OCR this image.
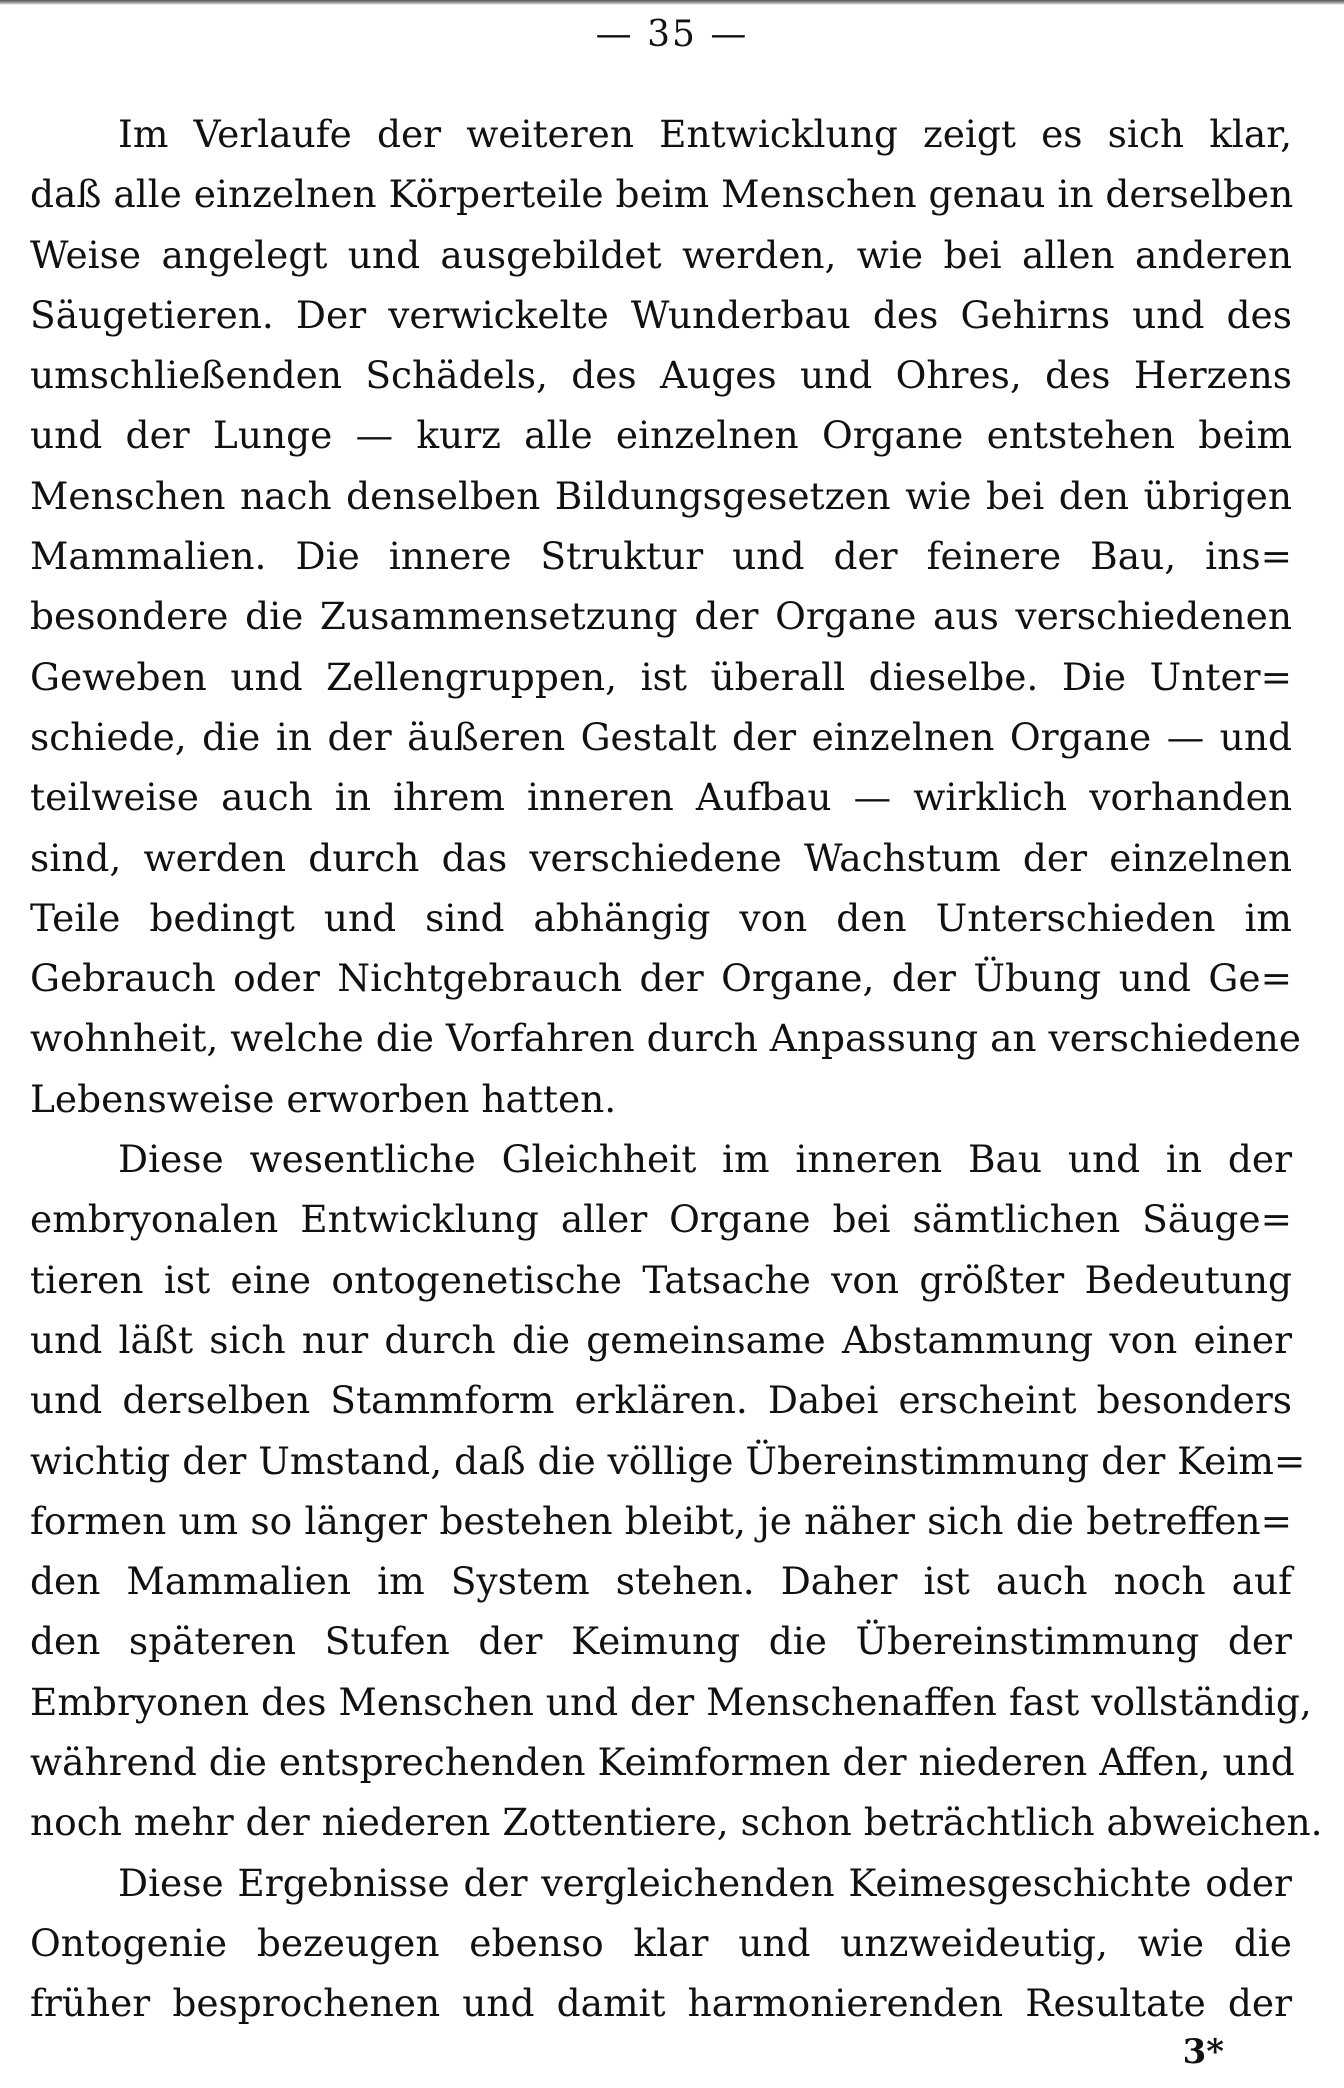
— 35 —

Im Verlaufe der weiteren Entwicklung zeigt es sich klar,
daß alle einzelnen Körperteile beim Menschen genau in derselben
Weise angelegt und ausgebildet werden, wie bei allen anderen
Säugetieren. Der verwickelte Wunderbau des Gehirns und des
umschließenden Schädels, des Auges und Ohres, des Herzens
und der Lunge — kurz alle einzelnen Organe entstehen beim
Menschen nach denselben Bildungsgesetzen wie bei den übrigen
Mammalien. Die innere Struktur und der feinere Bau, ins=
besondere die Zusammensetzung der Organe aus verschiedenen
Geweben und Zellengruppen, ist überall dieselbe. Die Unter=
schiede, die in der äußeren Gestalt der einzelnen Organe — und
teilweise auch in ihrem inneren Aufbau — wirklich vorhanden
sind, werden durch das verschiedene Wachstum der einzelnen
Teile bedingt und sind abhängig von den Unterschieden im
Gebrauch oder Nichtgebrauch der Organe, der Übung und Ge=
wohnheit, welche die Vorfahren durch Anpassung an verschiedene
Lebensweise erworben hatten.

Diese wesentliche Gleichheit im inneren Bau und in der
embryonalen Entwicklung aller Organe bei sämtlichen Säuge=
tieren ist eine ontogenetische Tatsache von größter Bedeutung
und läßt sich nur durch die gemeinsame Abstammung von einer
und derselben Stammform erklären. Dabei erscheint besonders
wichtig der Umstand, daß die völlige Übereinstimmung der Keim=
formen um so länger bestehen bleibt, je näher sich die betreffen=
den Mammalien im System stehen. Daher ist auch noch auf
den späteren Stufen der Keimung die Übereinstimmung der
Embryonen des Menschen und der Menschenaffen fast vollständig,
während die entsprechenden Keimformen der niederen Affen, und
noch mehr der niederen Zottentiere, schon beträchtlich abweichen.

Diese Ergebnisse der vergleichenden Keimesgeschichte oder
Ontogenie bezeugen ebenso klar und unzweideutig, wie die
früher besprochenen und damit harmonierenden Resultate der

3*
